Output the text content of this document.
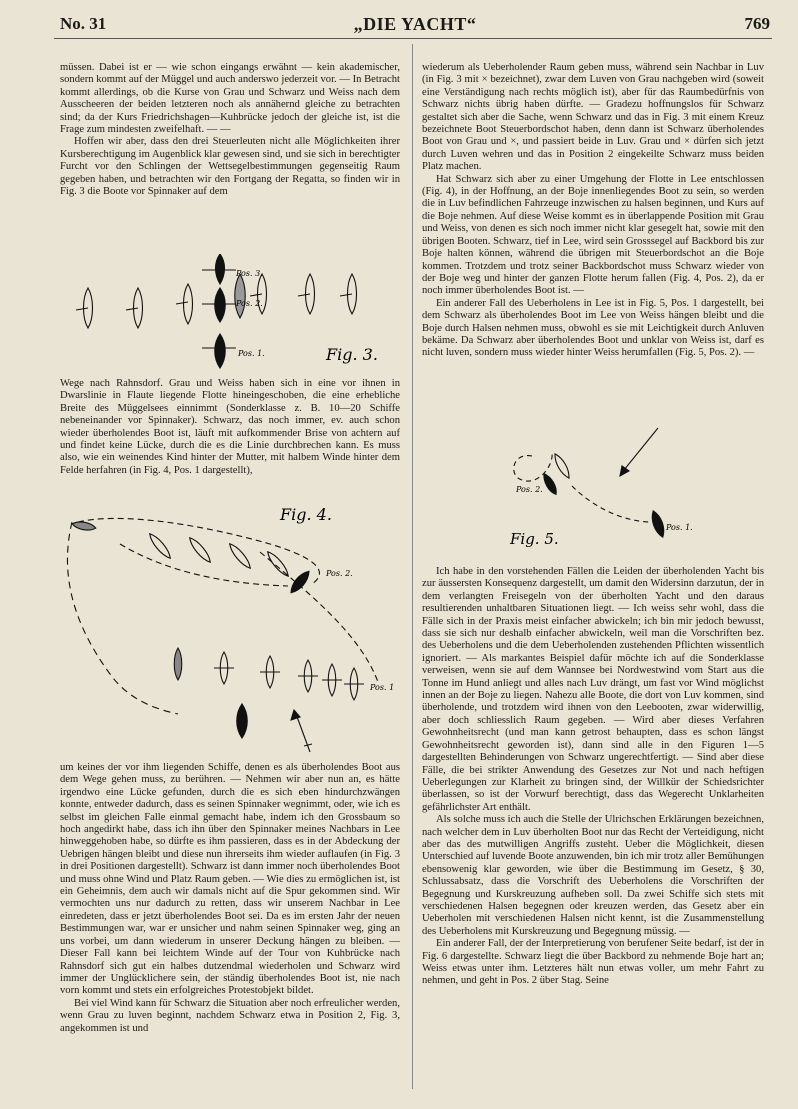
No. 31	„DIE YACHT“	769

müssen. Dabei ist er — wie schon eingangs erwähnt — kein akademischer, sondern kommt auf der Müggel und auch anderswo jederzeit vor. — In Betracht kommt allerdings, ob die Kurse von Grau und Schwarz und Weiss nach dem Ausscheeren der beiden letzteren noch als annähernd gleiche zu betrachten sind; da der Kurs Friedrichshagen—Kuhbrücke jedoch der gleiche ist, ist die Frage zum mindesten zweifelhaft. — —

Hoffen wir aber, dass den drei Steuerleuten nicht alle Möglichkeiten ihrer Kursberechtigung im Augenblick klar gewesen sind, und sie sich in berechtigter Furcht vor den Schlingen der Wettsegelbestimmungen gegenseitig Raum gegeben haben, und betrachten wir den Fortgang der Regatta, so finden wir in Fig. 3 die Boote vor Spinnaker auf dem

Pos. 3.
Pos. 2.
Pos. 1.	Fig. 3.

Wege nach Rahnsdorf. Grau und Weiss haben sich in eine vor ihnen in Dwarslinie in Flaute liegende Flotte hineingeschoben, die eine erhebliche Breite des Müggelsees einnimmt (Sonderklasse z. B. 10—20 Schiffe nebeneinander vor Spinnaker). Schwarz, das noch immer, ev. auch schon wieder überholendes Boot ist, läuft mit aufkommender Brise von achtern auf und findet keine Lücke, durch die es die Linie durchbrechen kann. Es muss also, wie ein weinendes Kind hinter der Mutter, mit halbem Winde hinter dem Felde herfahren (in Fig. 4, Pos. 1 dargestellt),

Fig. 4.
Pos. 2.
Pos. 1

um keines der vor ihm liegenden Schiffe, denen es als überholendes Boot aus dem Wege gehen muss, zu berühren. — Nehmen wir aber nun an, es hätte irgendwo eine Lücke gefunden, durch die es sich eben hindurchzwängen konnte, entweder dadurch, dass es seinen Spinnaker wegnimmt, oder, wie ich es selbst im gleichen Falle einmal gemacht habe, indem ich den Grossbaum so hoch angedirkt habe, dass ich ihn über den Spinnaker meines Nachbars in Lee hinweggehoben habe, so dürfte es ihm passieren, dass es in der Abdeckung der Uebrigen hängen bleibt und diese nun ihrerseits ihm wieder auflaufen (in Fig. 3 in drei Positionen dargestellt). Schwarz ist dann immer noch überholendes Boot und muss ohne Wind und Platz Raum geben. — Wie dies zu ermöglichen ist, ist ein Geheimnis, dem auch wir damals nicht auf die Spur gekommen sind. Wir vermochten uns nur dadurch zu retten, dass wir unserem Nachbar in Lee einredeten, dass er jetzt überholendes Boot sei. Da es im ersten Jahr der neuen Bestimmungen war, war er unsicher und nahm seinen Spinnaker weg, ging an uns vorbei, um dann wiederum in unserer Deckung hängen zu bleiben. — Dieser Fall kann bei leichtem Winde auf der Tour von Kuhbrücke nach Rahnsdorf sich gut ein halbes dutzendmal wiederholen und Schwarz wird immer der Unglücklichere sein, der ständig überholendes Boot ist, nie nach vorn kommt und stets ein erfolgreiches Protestobjekt bildet.

Bei viel Wind kann für Schwarz die Situation aber noch erfreulicher werden, wenn Grau zu luven beginnt, nachdem Schwarz etwa in Position 2, Fig. 3, angekommen ist und

wiederum als Ueberholender Raum geben muss, während sein Nachbar in Luv (in Fig. 3 mit × bezeichnet), zwar dem Luven von Grau nachgeben wird (soweit eine Verständigung nach rechts möglich ist), aber für das Raumbedürfnis von Schwarz nichts übrig haben dürfte. — Gradezu hoffnungslos für Schwarz gestaltet sich aber die Sache, wenn Schwarz und das in Fig. 3 mit einem Kreuz bezeichnete Boot Steuerbordschot haben, denn dann ist Schwarz überholendes Boot von Grau und ×, und passiert beide in Luv. Grau und × dürfen sich jetzt durch Luven wehren und das in Position 2 eingekeilte Schwarz muss beiden Platz machen.

Hat Schwarz sich aber zu einer Umgehung der Flotte in Lee entschlossen (Fig. 4), in der Hoffnung, an der Boje innenliegendes Boot zu sein, so werden die in Luv befindlichen Fahrzeuge inzwischen zu halsen beginnen, und Kurs auf die Boje nehmen. Auf diese Weise kommt es in überlappende Position mit Grau und Weiss, von denen es sich noch immer nicht klar gesegelt hat, sowie mit den übrigen Booten. Schwarz, tief in Lee, wird sein Grosssegel auf Backbord bis zur Boje halten können, während die übrigen mit Steuerbordschot an die Boje kommen. Trotzdem und trotz seiner Backbordschot muss Schwarz wieder von der Boje weg und hinter der ganzen Flotte herum fallen (Fig. 4, Pos. 2), da er noch immer überholendes Boot ist. —

Ein anderer Fall des Ueberholens in Lee ist in Fig. 5, Pos. 1 dargestellt, bei dem Schwarz als überholendes Boot im Lee von Weiss hängen bleibt und die Boje durch Halsen nehmen muss, obwohl es sie mit Leichtigkeit durch Anluven bekäme. Da Schwarz aber überholendes Boot und unklar von Weiss ist, darf es nicht luven, sondern muss wieder hinter Weiss herumfallen (Fig. 5, Pos. 2). —

Pos. 2.
Pos. 1.
Fig. 5.

Ich habe in den vorstehenden Fällen die Leiden der überholenden Yacht bis zur äussersten Konsequenz dargestellt, um damit den Widersinn darzutun, der in dem verlangten Freisegeln von der überholten Yacht und den daraus resultierenden unhaltbaren Situationen liegt. — Ich weiss sehr wohl, dass die Fälle sich in der Praxis meist einfacher abwickeln; ich bin mir jedoch bewusst, dass sie sich nur deshalb einfacher abwickeln, weil man die Vorschriften bez. des Ueberholens und die dem Ueberholenden zustehenden Pflichten wissentlich ignoriert. — Als markantes Beispiel dafür möchte ich auf die Sonderklasse verweisen, wenn sie auf dem Wannsee bei Nordwestwind vom Start aus die Tonne im Hund anliegt und alles nach Luv drängt, um fast vor Wind möglichst innen an der Boje zu liegen. Nahezu alle Boote, die dort von Luv kommen, sind überholende, und trotzdem wird ihnen von den Leebooten, zwar widerwillig, aber doch schliesslich Raum gegeben. — Wird aber dieses Verfahren Gewohnheitsrecht (und man kann getrost behaupten, dass es schon längst Gewohnheitsrecht geworden ist), dann sind alle in den Figuren 1—5 dargestellten Behinderungen von Schwarz ungerechtfertigt. — Sind aber diese Fälle, die bei strikter Anwendung des Gesetzes zur Not und nach heftigen Ueberlegungen zur Klarheit zu bringen sind, der Willkür der Schiedsrichter überlassen, so ist der Vorwurf berechtigt, dass das Wegerecht Unklarheiten gefährlichster Art enthält.

Als solche muss ich auch die Stelle der Ulrichschen Erklärungen bezeichnen, nach welcher dem in Luv überholten Boot nur das Recht der Verteidigung, nicht aber das des mutwilligen Angriffs zusteht. Ueber die Möglichkeit, diesen Unterschied auf luvende Boote anzuwenden, bin ich mir trotz aller Bemühungen ebensowenig klar geworden, wie über die Bestimmung im Gesetz, § 30, Schlussabsatz, dass die Vorschrift des Ueberholens die Vorschriften der Begegnung und Kurskreuzung aufheben soll. Da zwei Schiffe sich stets mit verschiedenen Halsen begegnen oder kreuzen werden, das Gesetz aber ein Ueberholen mit verschiedenen Halsen nicht kennt, ist die Zusammenstellung des Ueberholens mit Kurskreuzung und Begegnung müssig. —

Ein anderer Fall, der der Interpretierung von berufener Seite bedarf, ist der in Fig. 6 dargestellte. Schwarz liegt die über Backbord zu nehmende Boje hart an; Weiss etwas unter ihm. Letzteres hält nun etwas voller, um mehr Fahrt zu nehmen, und geht in Pos. 2 über Stag. Seine
